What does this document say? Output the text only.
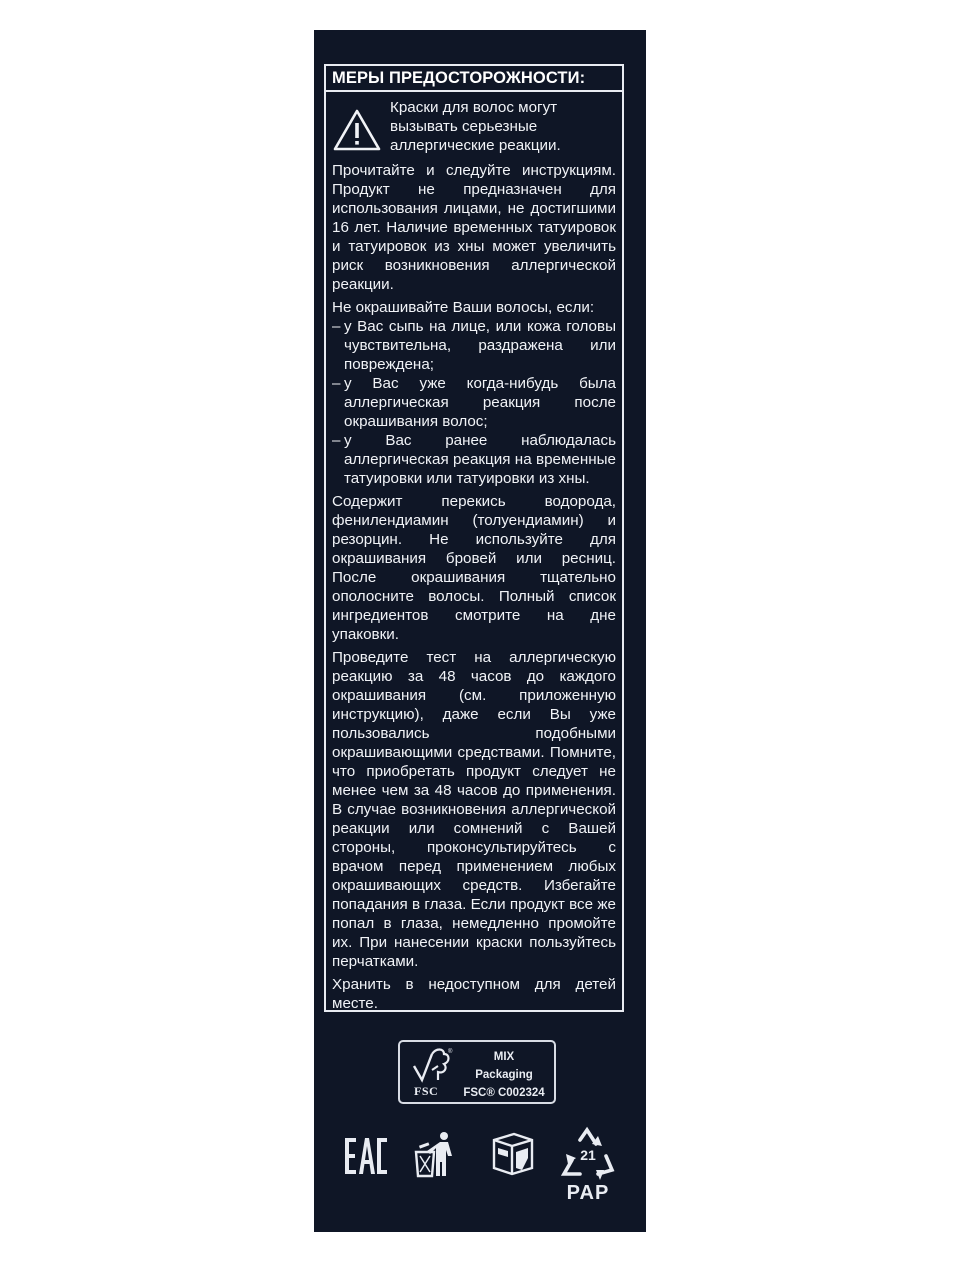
МЕРЫ ПРЕДОСТОРОЖНОСТИ:
Краски для волос могут вызывать серьезные аллергические реакции.

Прочитайте и следуйте инструкциям. Продукт не предназначен для использования лицами, не достигшими 16 лет. Наличие временных татуировок и татуировок из хны может увеличить риск возникновения аллергической реакции.

Не окрашивайте Ваши волосы, если:

– у Вас сыпь на лице, или кожа головы чувствительна, раздражена или повреждена;
– у Вас уже когда-нибудь была аллергическая реакция после окрашивания волос;
– у Вас ранее наблюдалась аллергическая реакция на временные татуировки или татуировки из хны.

Содержит перекись водорода, фенилендиамин (толуендиамин) и резорцин. Не используйте для окрашивания бровей или ресниц. После окрашивания тщательно ополосните волосы. Полный список ингредиентов смотрите на дне упаковки.

Проведите тест на аллергическую реакцию за 48 часов до каждого окрашивания (см. приложенную инструкцию), даже если Вы уже пользовались подобными окрашивающими средствами. Помните, что приобретать продукт следует не менее чем за 48 часов до применения. В случае возникновения аллергической реакции или сомнений с Вашей стороны, проконсультируйтесь с врачом перед применением любых окрашивающих средств. Избегайте попадания в глаза. Если продукт все же попал в глаза, немедленно промойте их. При нанесении краски пользуйтесь перчатками.

Хранить в недоступном для детей месте.

®
FSC
MIX
Packaging
FSC® C002324
21
PAP
